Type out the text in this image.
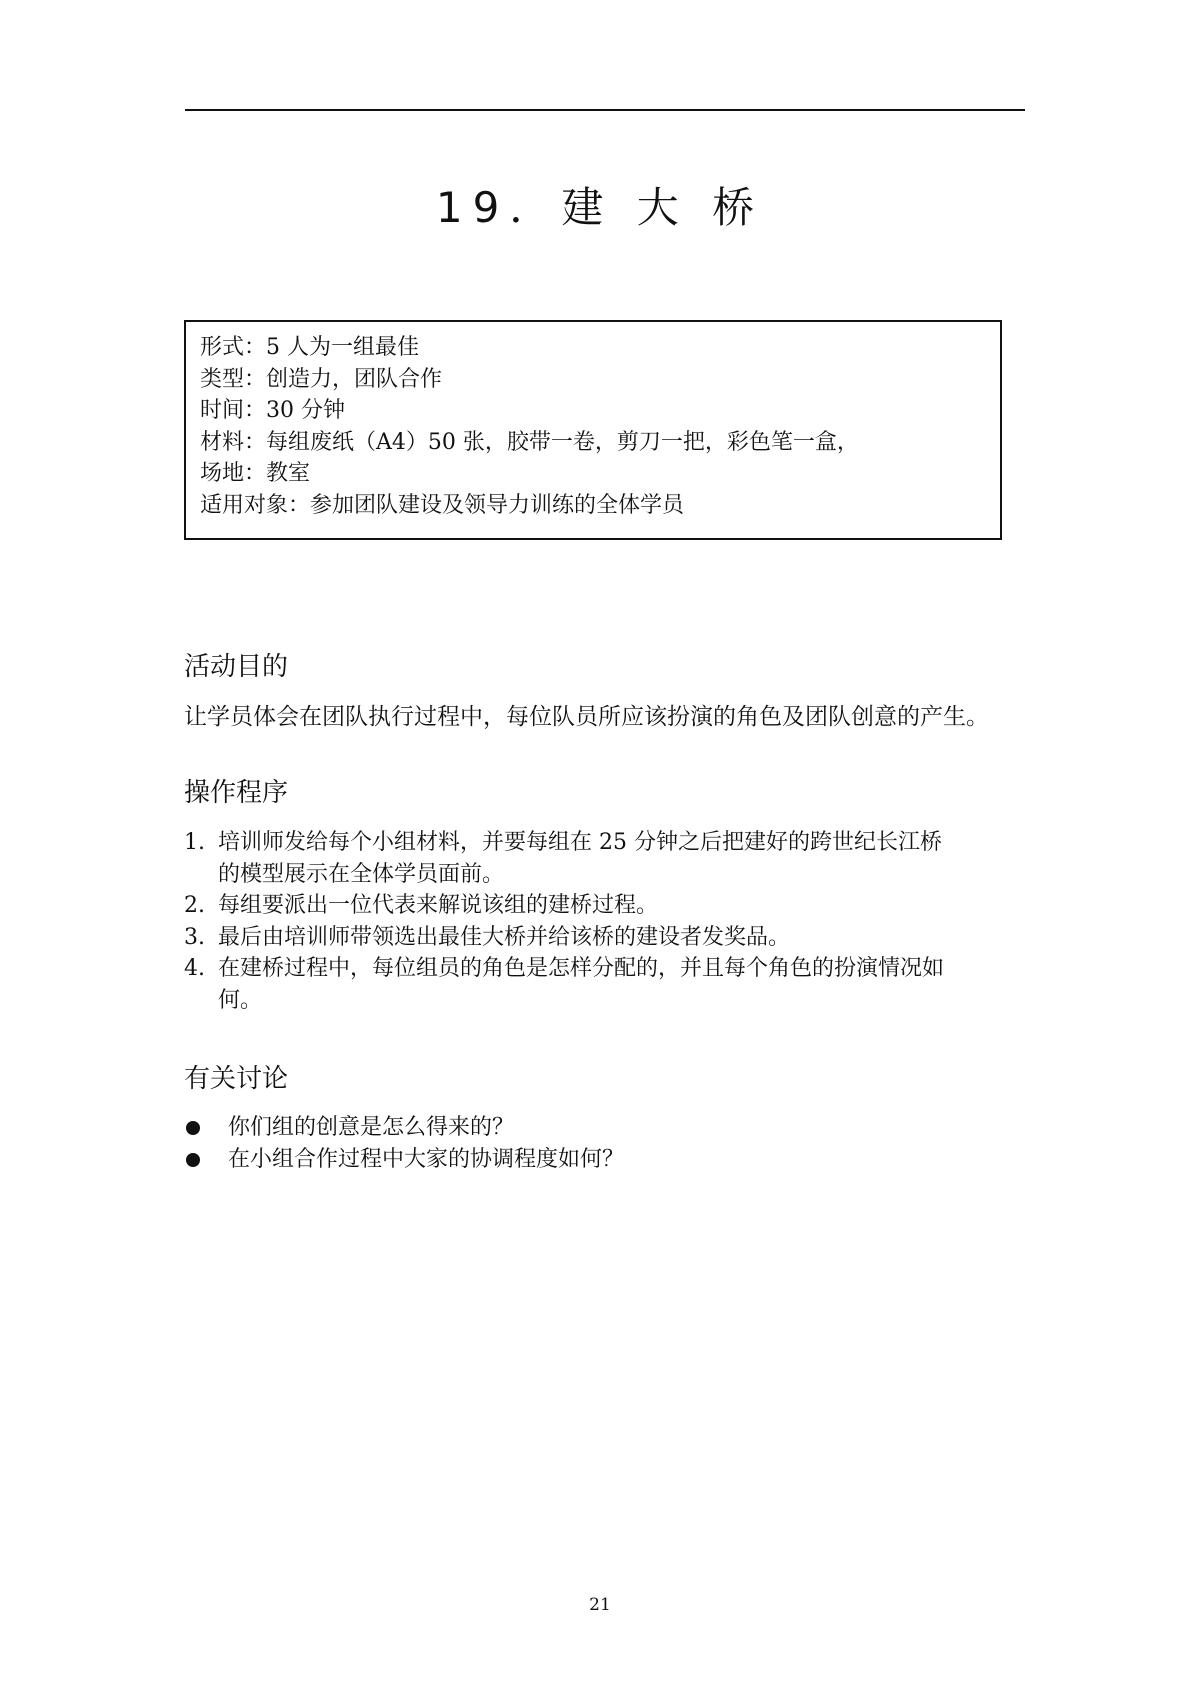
19．建 大 桥
形式：5 人为一组最佳
类型：创造力，团队合作
时间：30 分钟
材料：每组废纸（A4）50 张，胶带一卷，剪刀一把，彩色笔一盒，
场地：教室
适用对象：参加团队建设及领导力训练的全体学员
活动目的
让学员体会在团队执行过程中，每位队员所应该扮演的角色及团队创意的产生。
操作程序
1. 培训师发给每个小组材料，并要每组在 25 分钟之后把建好的跨世纪长江桥
的模型展示在全体学员面前。
2. 每组要派出一位代表来解说该组的建桥过程。
3. 最后由培训师带领选出最佳大桥并给该桥的建设者发奖品。
4. 在建桥过程中，每位组员的角色是怎样分配的，并且每个角色的扮演情况如
何。
有关讨论
你们组的创意是怎么得来的？
在小组合作过程中大家的协调程度如何？
21
